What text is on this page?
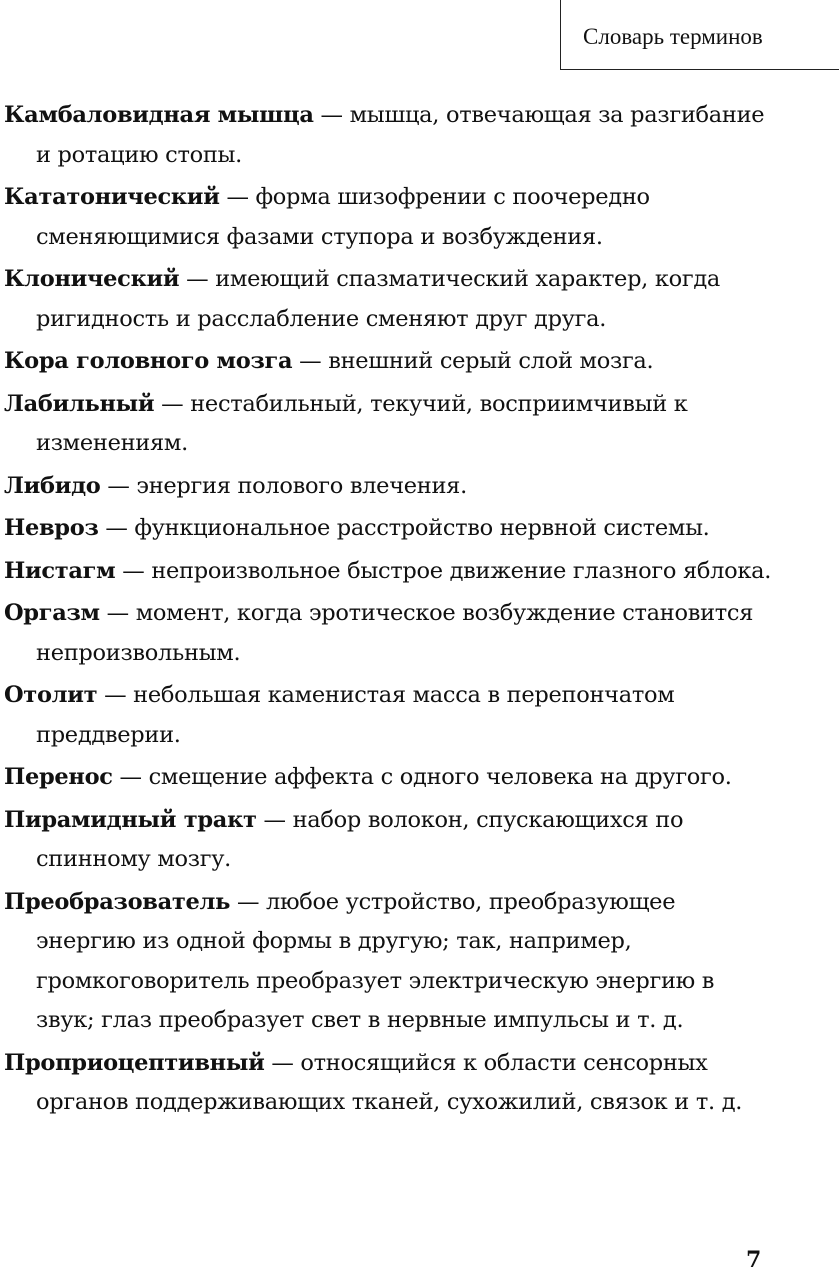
Словарь терминов

Камбаловидная мышца — мышца, отвечающая за разгибание и ротацию стопы.

Кататонический — форма шизофрении с поочередно сменяющимися фазами ступора и возбуждения.

Клонический — имеющий спазматический характер, когда ригидность и расслабление сменяют друг друга.

Кора головного мозга — внешний серый слой мозга.

Лабильный — нестабильный, текучий, восприимчивый к изменениям.

Либидо — энергия полового влечения.

Невроз — функциональное расстройство нервной системы.

Нистагм — непроизвольное быстрое движение глазного яблока.

Оргазм — момент, когда эротическое возбуждение становится непроизвольным.

Отолит — небольшая каменистая масса в перепончатом преддверии.

Перенос — смещение аффекта с одного человека на другого.

Пирамидный тракт — набор волокон, спускающихся по спинному мозгу.

Преобразователь — любое устройство, преобразующее энергию из одной формы в другую; так, например, громкоговоритель преобразует электрическую энергию в звук; глаз преобразует свет в нервные импульсы и т. д.

Проприоцептивный — относящийся к области сенсорных органов поддерживающих тканей, сухожилий, связок и т. д.

7
